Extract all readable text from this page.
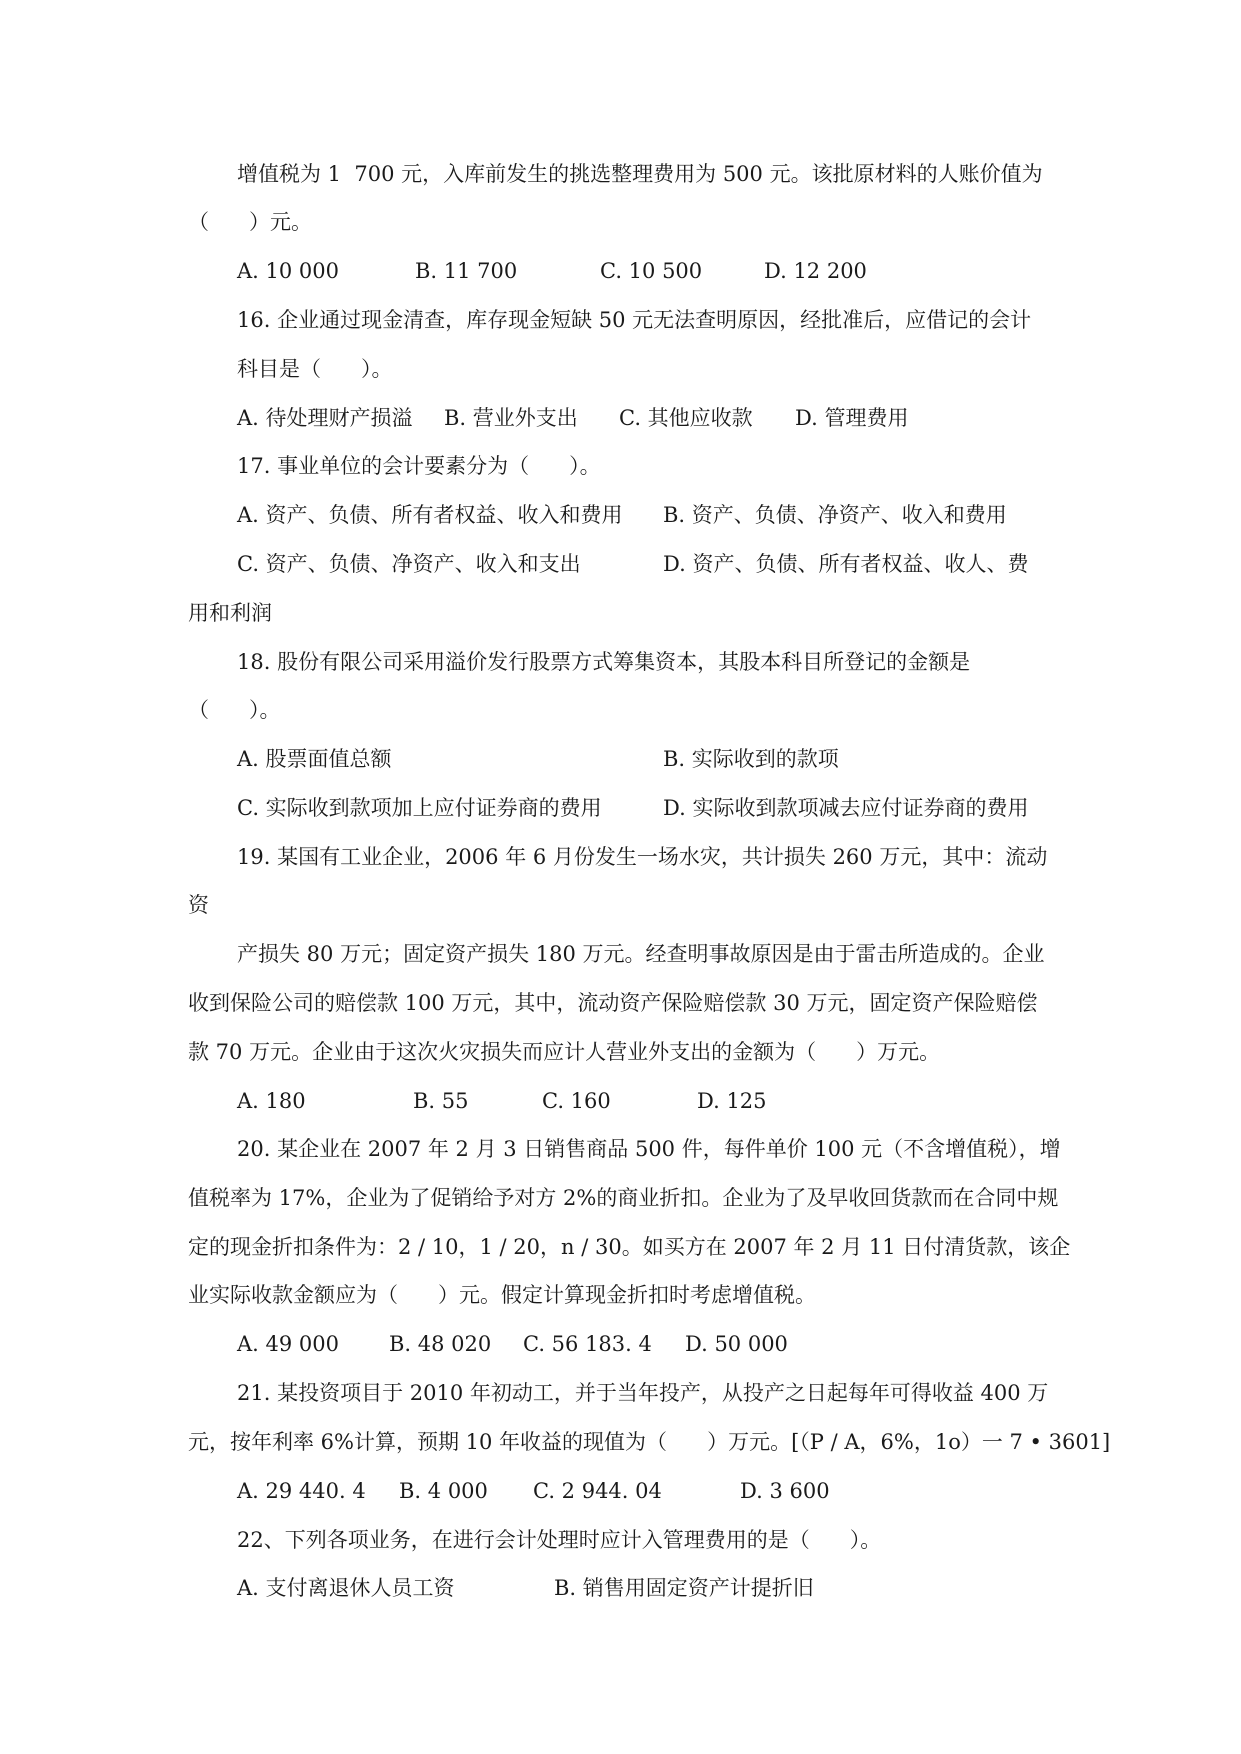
增值税为 1  700 元，入库前发生的挑选整理费用为 500 元。该批原材料的人账价值为
（      ）元。
A. 10 000	B. 11 700	C. 10 500	D. 12 200
16. 企业通过现金清查，库存现金短缺 50 元无法查明原因，经批准后，应借记的会计
科目是（      ）。
A. 待处理财产损溢 B. 营业外支出 C. 其他应收款 D. 管理费用
17. 事业单位的会计要素分为（      ）。
A. 资产、负债、所有者权益、收入和费用 B. 资产、负债、净资产、收入和费用
C. 资产、负债、净资产、收入和支出	D. 资产、负债、所有者权益、收人、费
用和利润
18. 股份有限公司采用溢价发行股票方式筹集资本，其股本科目所登记的金额是
（      ）。
A. 股票面值总额	B. 实际收到的款项
C. 实际收到款项加上应付证券商的费用	D. 实际收到款项减去应付证券商的费用
19. 某国有工业企业，2006 年 6 月份发生一场水灾，共计损失 260 万元，其中：流动
资
产损失 80 万元；固定资产损失 180 万元。经查明事故原因是由于雷击所造成的。企业
收到保险公司的赔偿款 100 万元，其中，流动资产保险赔偿款 30 万元，固定资产保险赔偿
款 70 万元。企业由于这次火灾损失而应计人营业外支出的金额为（      ）万元。
A. 180	B. 55	C. 160	D. 125
20. 某企业在 2007 年 2 月 3 日销售商品 500 件，每件单价 100 元（不含增值税），增
值税率为 17%，企业为了促销给予对方 2%的商业折扣。企业为了及早收回货款而在合同中规
定的现金折扣条件为：2 / 10，1 / 20，n / 30。如买方在 2007 年 2 月 11 日付清货款，该企
业实际收款金额应为（      ）元。假定计算现金折扣时考虑增值税。
A. 49 000 B. 48 020 C. 56 183. 4 D. 50 000
21. 某投资项目于 2010 年初动工，并于当年投产，从投产之日起每年可得收益 400 万
元，按年利率 6%计算，预期 10 年收益的现值为（      ）万元。[（P / A，6%，1o）一 7 • 3601]
A. 29 440. 4 B. 4 000 C. 2 944. 04	D. 3 600
22、下列各项业务，在进行会计处理时应计入管理费用的是（      ）。
A. 支付离退休人员工资	B. 销售用固定资产计提折旧
